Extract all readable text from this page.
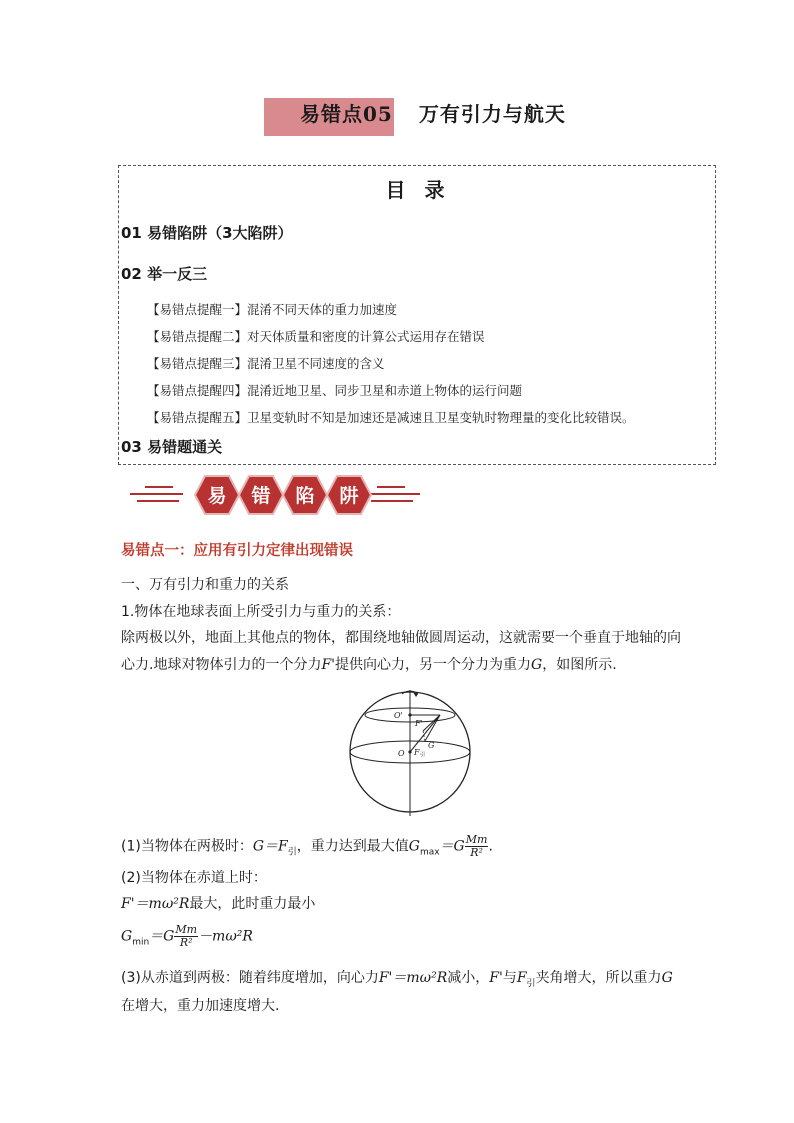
易错点05 万有引力与航天
目 录
01 易错陷阱（3大陷阱）
02 举一反三
【易错点提醒一】混淆不同天体的重力加速度
【易错点提醒二】对天体质量和密度的计算公式运用存在错误
【易错点提醒三】混淆卫星不同速度的含义
【易错点提醒四】混淆近地卫星、同步卫星和赤道上物体的运行问题
【易错点提醒五】卫星变轨时不知是加速还是减速且卫星变轨时物理量的变化比较错误。
03 易错题通关
易 错 陷 阱
易错点一：应用有引力定律出现错误
一、万有引力和重力的关系
1.物体在地球表面上所受引力与重力的关系：
除两极以外，地面上其他点的物体，都围绕地轴做圆周运动，这就需要一个垂直于地轴的向
心力.地球对物体引力的一个分力F'提供向心力，另一个分力为重力G，如图所示.
O'
O
F'
F 引
G
(1)当物体在两极时：$G=F_引$，重力达到最大值$G_{max}=G \frac{Mm}{\text{R²}}$ .
(2)当物体在赤道上时：
F'＝mω²R最大，此时重力最小
$G_{min}=G \frac{Mm}{\text{R²}} -m\omega^2R$
(3)从赤道到两极：随着纬度增加，向心力F'＝mω²R减小，F'与$F_引$夹角增大，所以重力G
在增大，重力加速度增大.
